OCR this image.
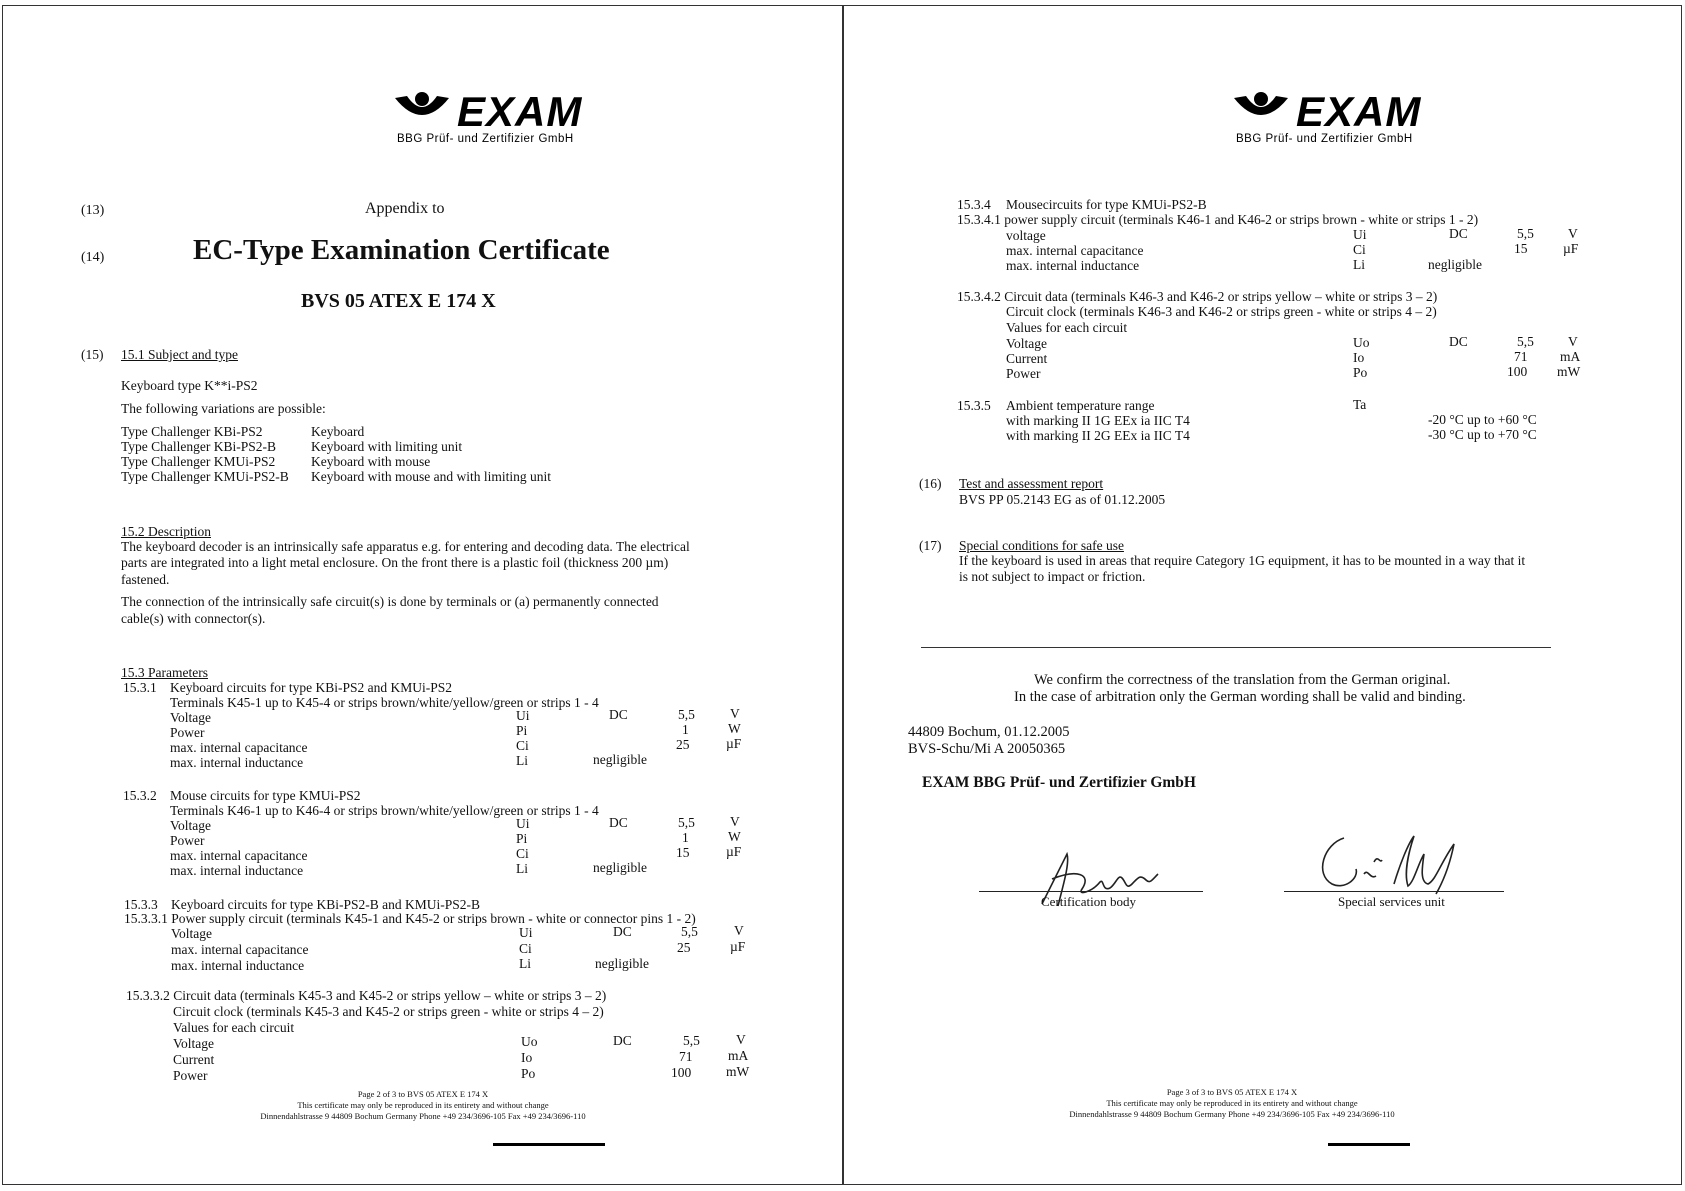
EXAM
BBG Prüf- und Zertifizier GmbH
(13)	Appendix to
(14)	EC-Type Examination Certificate
BVS 05 ATEX E 174 X
(15) 15.1 Subject and type
Keyboard type K**i-PS2
The following variations are possible:
Type Challenger KBi-PS2	Keyboard
Type Challenger KBi-PS2-B	Keyboard with limiting unit
Type Challenger KMUi-PS2	Keyboard with mouse
Type Challenger KMUi-PS2-B Keyboard with mouse and with limiting unit
15.2 Description
The keyboard decoder is an intrinsically safe apparatus e.g. for entering and decoding data. The electrical
parts are integrated into a light metal enclosure. On the front there is a plastic foil (thickness 200 µm)
fastened.
The connection of the intrinsically safe circuit(s) is done by terminals or (a) permanently connected
cable(s) with connector(s).
15.3 Parameters
15.3.1 Keyboard circuits for type KBi-PS2 and KMUi-PS2
Terminals K45-1 up to K45-4 or strips brown/white/yellow/green or strips 1 - 4
Voltage	Ui	DC	5,5	V
Power	Pi	1	W
max. internal capacitance	Ci	25	µF
max. internal inductance	Li	negligible
15.3.2 Mouse circuits for type KMUi-PS2
Terminals K46-1 up to K46-4 or strips brown/white/yellow/green or strips 1 - 4
Voltage	Ui	DC	5,5	V
Power	Pi	1	W
max. internal capacitance	Ci	15	µF
max. internal inductance	Li	negligible
15.3.3 Keyboard circuits for type KBi-PS2-B and KMUi-PS2-B
15.3.3.1 Power supply circuit (terminals K45-1 and K45-2 or strips brown - white or connector pins 1 - 2)
Voltage	Ui	DC	5,5	V
max. internal capacitance	Ci	25	µF
max. internal inductance	Li	negligible
15.3.3.2 Circuit data (terminals K45-3 and K45-2 or strips yellow – white or strips 3 – 2)
Circuit clock (terminals K45-3 and K45-2 or strips green - white or strips 4 – 2)
Values for each circuit
Voltage	Uo	DC	5,5	V
Current	Io	71	mA
Power	Po	100	mW
Page 2 of 3 to BVS 05 ATEX E 174 X
This certificate may only be reproduced in its entirety and without change
Dinnendahlstrasse 9 44809 Bochum Germany Phone +49 234/3696-105 Fax +49 234/3696-110
EXAM
BBG Prüf- und Zertifizier GmbH
15.3.4 Mousecircuits for type KMUi-PS2-B
15.3.4.1 power supply circuit (terminals K46-1 and K46-2 or strips brown - white or strips 1 - 2)
voltage	Ui	DC	5,5	V
max. internal capacitance	Ci	15	µF
max. internal inductance	Li	negligible
15.3.4.2 Circuit data (terminals K46-3 and K46-2 or strips yellow – white or strips 3 – 2)
Circuit clock (terminals K46-3 and K46-2 or strips green - white or strips 4 – 2)
Values for each circuit
Voltage	Uo	DC	5,5	V
Current	Io	71 mA
Power	Po	100 mW
15.3.5 Ambient temperature range	Ta
with marking II 1G EEx ia IIC T4	-20 °C up to +60 °C
with marking II 2G EEx ia IIC T4	-30 °C up to +70 °C
(16) Test and assessment report
BVS PP 05.2143 EG as of 01.12.2005
(17) Special conditions for safe use
If the keyboard is used in areas that require Category 1G equipment, it has to be mounted in a way that it
is not subject to impact or friction.
We confirm the correctness of the translation from the German original.
In the case of arbitration only the German wording shall be valid and binding.
44809 Bochum, 01.12.2005
BVS-Schu/Mi A 20050365
EXAM BBG Prüf- und Zertifizier GmbH
Certification body	Special services unit
Page 3 of 3 to BVS 05 ATEX E 174 X
This certificate may only be reproduced in its entirety and without change
Dinnendahlstrasse 9 44809 Bochum Germany Phone +49 234/3696-105 Fax +49 234/3696-110
